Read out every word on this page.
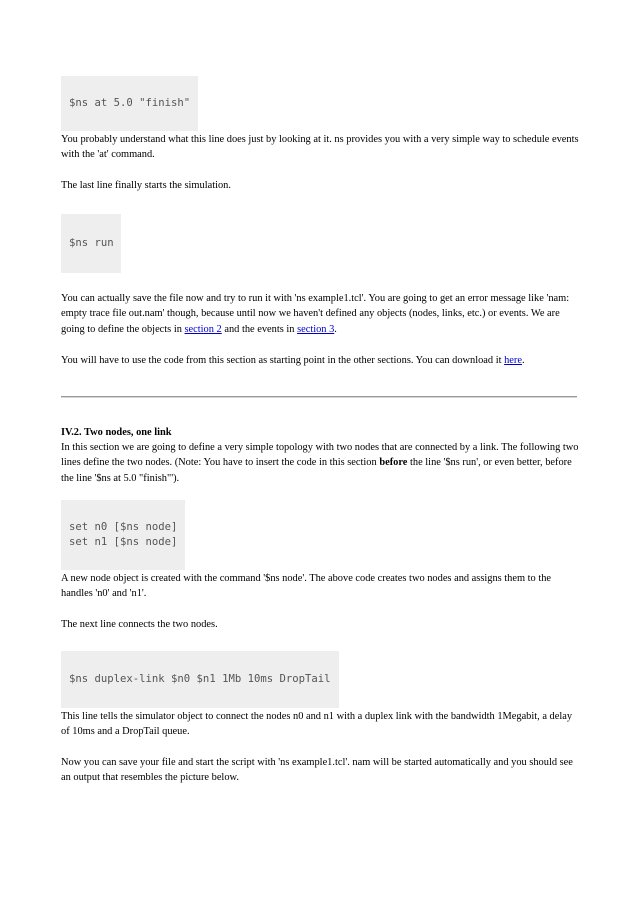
$ns at 5.0 "finish"

You probably understand what this line does just by looking at it. ns provides you with a very simple way to schedule events with the 'at' command.

The last line finally starts the simulation.

$ns run

You can actually save the file now and try to run it with 'ns example1.tcl'. You are going to get an error message like 'nam: empty trace file out.nam' though, because until now we haven't defined any objects (nodes, links, etc.) or events. We are going to define the objects in section 2 and the events in section 3.

You will have to use the code from this section as starting point in the other sections. You can download it here.

IV.2. Two nodes, one link

In this section we are going to define a very simple topology with two nodes that are connected by a link. The following two lines define the two nodes. (Note: You have to insert the code in this section before the line '$ns run', or even better, before the line '$ns at 5.0 "finish"').

set n0 [$ns node]
set n1 [$ns node]

A new node object is created with the command '$ns node'. The above code creates two nodes and assigns them to the handles 'n0' and 'n1'.

The next line connects the two nodes.

$ns duplex-link $n0 $n1 1Mb 10ms DropTail

This line tells the simulator object to connect the nodes n0 and n1 with a duplex link with the bandwidth 1Megabit, a delay of 10ms and a DropTail queue.

Now you can save your file and start the script with 'ns example1.tcl'. nam will be started automatically and you should see an output that resembles the picture below.
